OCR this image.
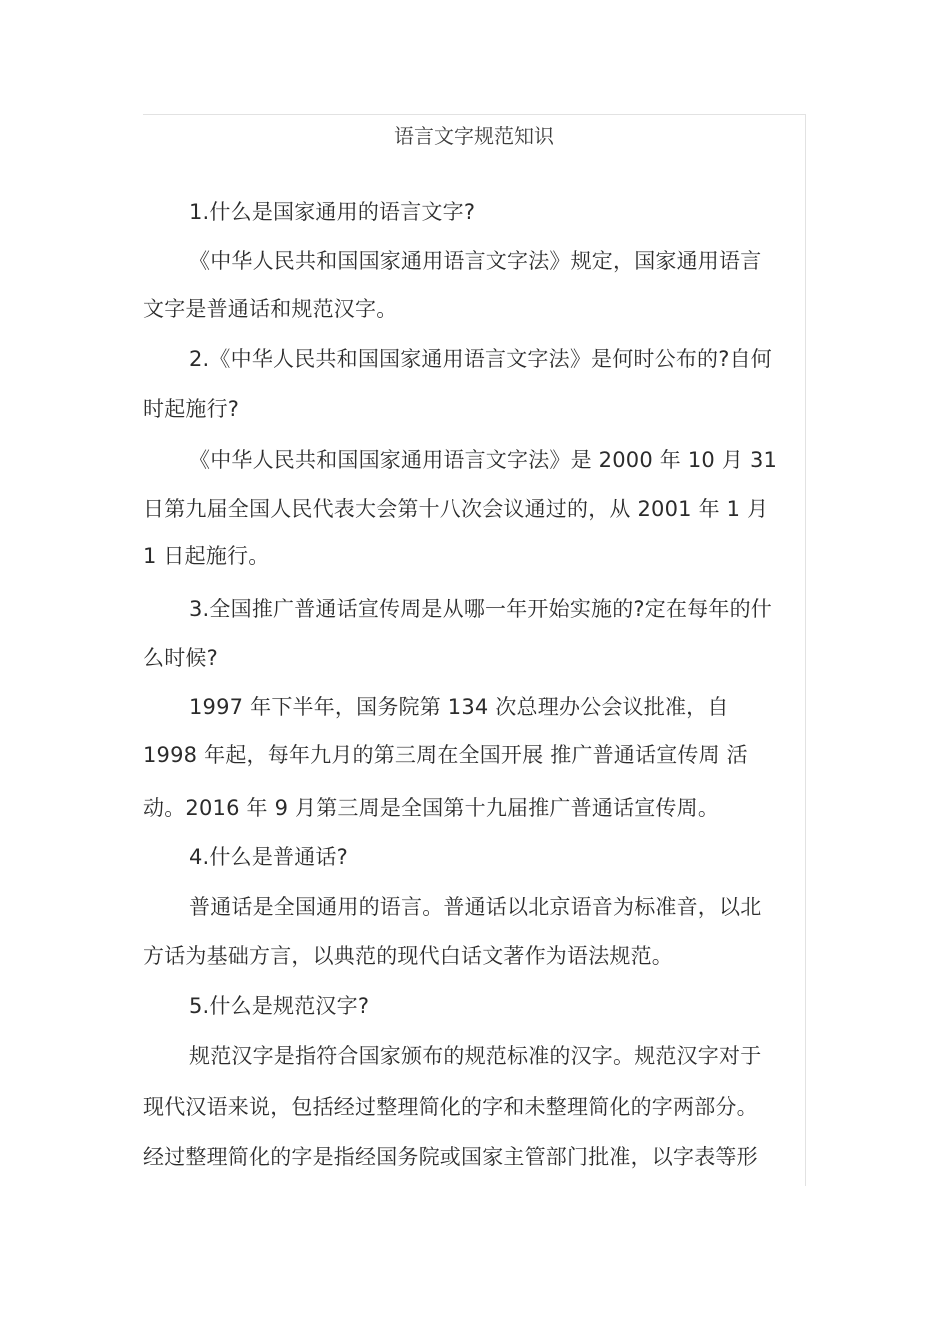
语言文字规范知识
1.什么是国家通用的语言文字?
《中华人民共和国国家通用语言文字法》规定，国家通用语言
文字是普通话和规范汉字。
2.《中华人民共和国国家通用语言文字法》是何时公布的?自何
时起施行?
《中华人民共和国国家通用语言文字法》是 2000 年 10 月 31
日第九届全国人民代表大会第十八次会议通过的，从 2001 年 1 月
1 日起施行。
3.全国推广普通话宣传周是从哪一年开始实施的?定在每年的什
么时候?
1997 年下半年，国务院第 134 次总理办公会议批准，自
1998 年起，每年九月的第三周在全国开展 推广普通话宣传周 活
动。2016 年 9 月第三周是全国第十九届推广普通话宣传周。
4.什么是普通话?
普通话是全国通用的语言。普通话以北京语音为标准音，以北
方话为基础方言，以典范的现代白话文著作为语法规范。
5.什么是规范汉字?
规范汉字是指符合国家颁布的规范标准的汉字。规范汉字对于
现代汉语来说，包括经过整理简化的字和未整理简化的字两部分。
经过整理简化的字是指经国务院或国家主管部门批准，以字表等形
